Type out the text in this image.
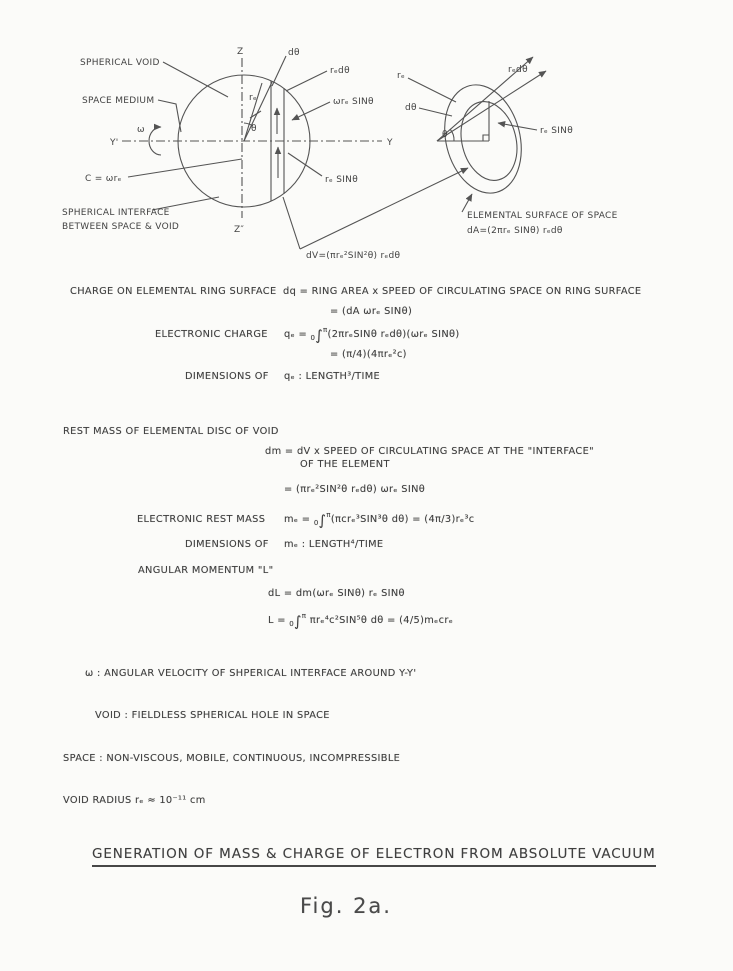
Z
Z″
Y'	Y
ω
SPHERICAL VOID
SPACE MEDIUM
C = ωrₑ
SPHERICAL INTERFACE
BETWEEN SPACE & VOID
rₑ
θ
dθ
rₑdθ
ωrₑ SINθ
rₑ SINθ
dV=(πrₑ²SIN²θ) rₑdθ
rₑ
dθ
θ
rₑdθ
rₑ SINθ
ELEMENTAL SURFACE OF SPACE
dA=(2πrₑ SINθ) rₑdθ
CHARGE ON ELEMENTAL RING SURFACE dq = RING AREA x SPEED OF CIRCULATING SPACE ON RING SURFACE
= (dA ωrₑ SINθ)
ELECTRONIC CHARGE qₑ = $_0$∫$^\pi$(2πrₑSINθ rₑdθ)(ωrₑ SINθ)
= (π/4)(4πrₑ²c)
DIMENSIONS OF qₑ : LENGTH³/TIME
REST MASS OF ELEMENTAL DISC OF VOID
dm = dV x SPEED OF CIRCULATING SPACE AT THE "INTERFACE"
OF THE ELEMENT
= (πrₑ²SIN²θ rₑdθ) ωrₑ SINθ
ELECTRONIC REST MASS mₑ = $_0$∫$^\pi$(πcrₑ³SIN³θ dθ) = (4π/3)rₑ³c
DIMENSIONS OF mₑ : LENGTH⁴/TIME
ANGULAR MOMENTUM "L"
dL = dm(ωrₑ SINθ) rₑ SINθ
L = $_0$∫$^\pi$ πrₑ⁴c²SIN⁵θ dθ = (4/5)mₑcrₑ
ω : ANGULAR VELOCITY OF SHPERICAL INTERFACE AROUND Y-Y'
VOID : FIELDLESS SPHERICAL HOLE IN SPACE
SPACE : NON-VISCOUS, MOBILE, CONTINUOUS, INCOMPRESSIBLE
VOID RADIUS rₑ ≈ 10⁻¹¹ cm
GENERATION OF MASS & CHARGE OF ELECTRON FROM ABSOLUTE VACUUM
Fig. 2a.
